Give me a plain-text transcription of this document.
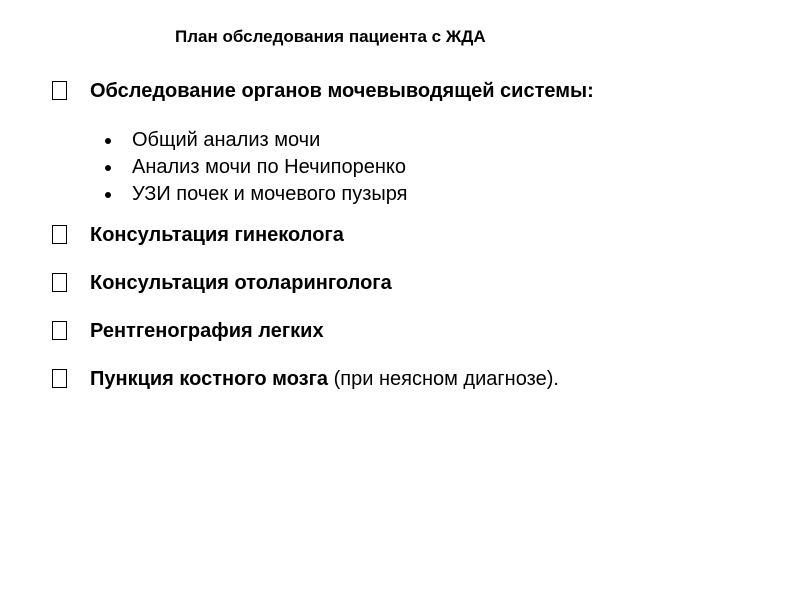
План обследования пациента с ЖДА
Обследование органов мочевыводящей системы:
Общий анализ мочи
Анализ мочи по Нечипоренко
УЗИ почек и мочевого пузыря
Консультация гинеколога
Консультация отоларинголога
Рентгенография легких
Пункция костного мозга (при неясном диагнозе).
